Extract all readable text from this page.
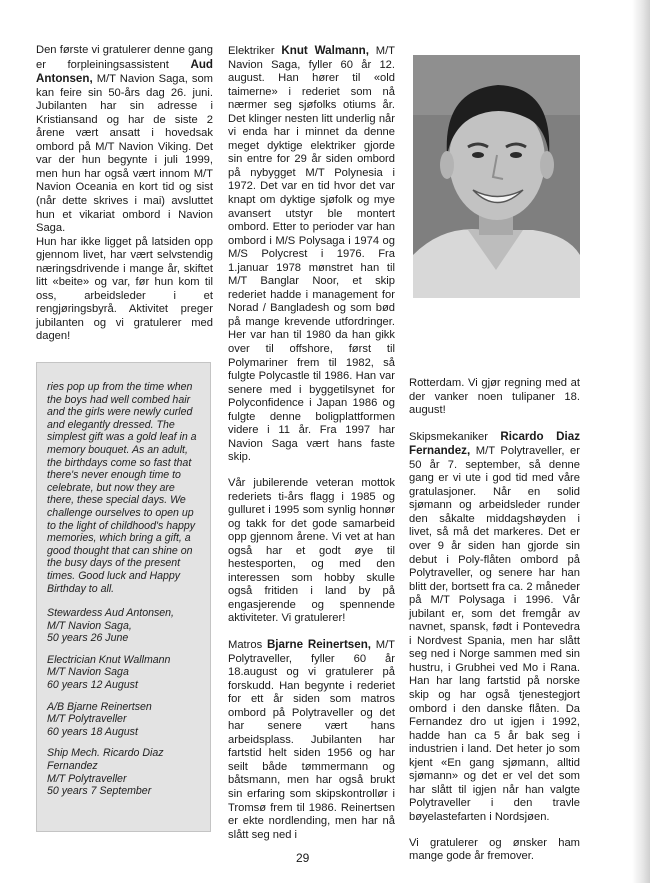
Den første vi gratulerer denne gang er forpleiningsassistent Aud Antonsen, M/T Navion Saga, som kan feire sin 50-års dag 26. juni. Jubilanten har sin adresse i Kristiansand og har de siste 2 årene vært ansatt i hovedsak ombord på M/T Navion Viking. Det var der hun begynte i juli 1999, men hun har også vært innom M/T Navion Oceania en kort tid og sist (når dette skrives i mai) avsluttet hun et vikariat ombord i Navion Saga.

Hun har ikke ligget på latsiden opp gjennom livet, har vært selvstendig næringsdrivende i mange år, skiftet litt «beite» og var, før hun kom til oss, arbeidsleder i et rengjøringsbyrå. Aktivitet preger jubilanten og vi gratulerer med dagen!

ries pop up from the time when the boys had well combed hair and the girls were newly curled and elegantly dressed. The simplest gift was a gold leaf in a memory bouquet. As an adult, the birthdays come so fast that there's never enough time to celebrate, but now they are there, these special days. We challenge ourselves to open up to the light of childhood's happy memories, which bring a gift, a good thought that can shine on the busy days of the present times. Good luck and Happy Birthday to all.

Stewardess Aud Antonsen,
M/T Navion Saga,
50 years 26 June
Electrician Knut Wallmann
M/T Navion Saga
60 years 12 August
A/B Bjarne Reinertsen
M/T Polytraveller
60 years 18 August
Ship Mech. Ricardo Diaz
Fernandez
M/T Polytraveller
50 years 7 September

Elektriker Knut Walmann, M/T Navion Saga, fyller 60 år 12. august. Han hører til «old taimerne» i rederiet som nå nærmer seg sjøfolks otiums år. Det klinger nesten litt underlig når vi enda har i minnet da denne meget dyktige elektriker gjorde sin entre for 29 år siden ombord på nybygget M/T Polynesia i 1972. Det var en tid hvor det var knapt om dyktige sjøfolk og mye avansert utstyr ble montert ombord. Etter to perioder var han ombord i M/S Polysaga i 1974 og M/S Polycrest i 1976. Fra 1.januar 1978 mønstret han til M/T Banglar Noor, et skip rederiet hadde i management for Norad / Bangladesh og som bød på mange krevende utfordringer. Her var han til 1980 da han gikk over til offshore, først til Polymariner frem til 1982, så fulgte Polycastle til 1986. Han var senere med i byggetilsynet for Polyconfidence i Japan 1986 og fulgte denne boligplattformen videre i 11 år. Fra 1997 har Navion Saga vært hans faste skip.

Vår jubilerende veteran mottok rederiets ti-års flagg i 1985 og gulluret i 1995 som synlig honnør og takk for det gode samarbeid opp gjennom årene. Vi vet at han også har et godt øye til hestesporten, og med den interessen som hobby skulle også fritiden i land by på engasjerende og spennende aktiviteter. Vi gratulerer!

Matros Bjarne Reinertsen, M/T Polytraveller, fyller 60 år 18.august og vi gratulerer på forskudd. Han begynte i rederiet for ett år siden som matros ombord på Polytraveller og det har senere vært hans arbeidsplass. Jubilanten har fartstid helt siden 1956 og har seilt både tømmermann og båtsmann, men har også brukt sin erfaring som skipskontrollør i Tromsø frem til 1986. Reinertsen er ekte nordlending, men har nå slått seg ned i

Rotterdam. Vi gjør regning med at der vanker noen tulipaner 18. august!

Skipsmekaniker Ricardo Diaz Fernandez, M/T Polytraveller, er 50 år 7. september, så denne gang er vi ute i god tid med våre gratulasjoner. Når en solid sjømann og arbeidsleder runder den såkalte middagshøyden i livet, så må det markeres. Det er over 9 år siden han gjorde sin debut i Poly-flåten ombord på Polytraveller, og senere har han blitt der, bortsett fra ca. 2 måneder på M/T Polysaga i 1996. Vår jubilant er, som det fremgår av navnet, spansk, født i Pontevedra i Nordvest Spania, men har slått seg ned i Norge sammen med sin hustru, i Grubhei ved Mo i Rana. Han har lang fartstid på norske skip og har også tjenestegjort ombord i den danske flåten. Da Fernandez dro ut igjen i 1992, hadde han ca 5 år bak seg i industrien i land. Det heter jo som kjent «En gang sjømann, alltid sjømann» og det er vel det som har slått til igjen når han valgte Polytraveller i den travle bøyelastefarten i Nordsjøen.

Vi gratulerer og ønsker ham mange gode år fremover.

29
